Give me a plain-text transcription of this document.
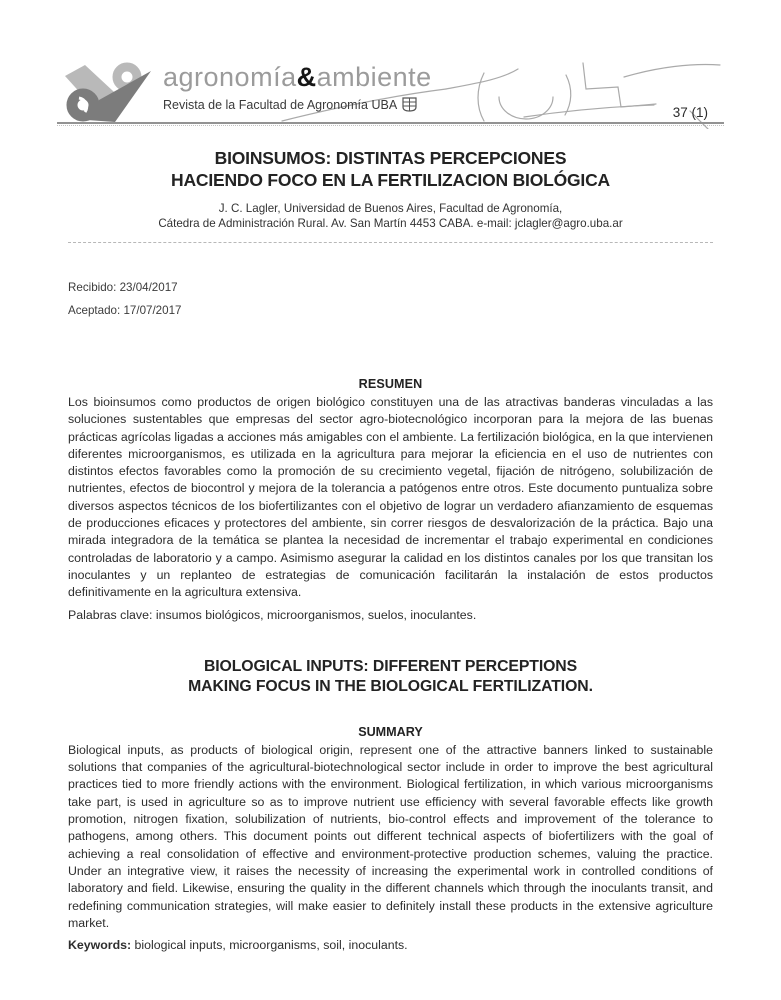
agronomía&ambiente
Revista de la Facultad de Agronomía UBA
37 (1)
BIOINSUMOS: DISTINTAS PERCEPCIONES
HACIENDO FOCO EN LA FERTILIZACION BIOLÓGICA
J. C. Lagler, Universidad de Buenos Aires, Facultad de Agronomía,
Cátedra de Administración Rural. Av. San Martín 4453 CABA. e-mail: jclagler@agro.uba.ar
Recibido: 23/04/2017
Aceptado: 17/07/2017
RESUMEN

Los bioinsumos como productos de origen biológico constituyen una de las atractivas banderas vinculadas a las soluciones sustentables que empresas del sector agro-biotecnológico incorporan para la mejora de las buenas prácticas agrícolas ligadas a acciones más amigables con el ambiente. La fertilización biológica, en la que intervienen diferentes microorganismos, es utilizada en la agricultura para mejorar la eficiencia en el uso de nutrientes con distintos efectos favorables como la promoción de su crecimiento vegetal, fijación de nitrógeno, solubilización de nutrientes, efectos de biocontrol y mejora de la tolerancia a patógenos entre otros. Este documento puntualiza sobre diversos aspectos técnicos de los biofertilizantes con el objetivo de lograr un verdadero afianzamiento de esquemas de producciones eficaces y protectores del ambiente, sin correr riesgos de desvalorización de la práctica. Bajo una mirada integradora de la temática se plantea la necesidad de incrementar el trabajo experimental en condiciones controladas de laboratorio y a campo. Asimismo asegurar la calidad en los distintos canales por los que transitan los inoculantes y un replanteo de estrategias de comunicación facilitarán la instalación de estos productos definitivamente en la agricultura extensiva.

Palabras clave: insumos biológicos, microorganismos, suelos, inoculantes.
BIOLOGICAL INPUTS: DIFFERENT PERCEPTIONS
MAKING FOCUS IN THE BIOLOGICAL FERTILIZATION.
SUMMARY

Biological inputs, as products of biological origin, represent one of the attractive banners linked to sustainable solutions that companies of the agricultural-biotechnological sector include in order to improve the best agricultural practices tied to more friendly actions with the environment. Biological fertilization, in which various microorganisms take part, is used in agriculture so as to improve nutrient use efficiency with several favorable effects like growth promotion, nitrogen fixation, solubilization of nutrients, bio-control effects and improvement of the tolerance to pathogens, among others. This document points out different technical aspects of biofertilizers with the goal of achieving a real consolidation of effective and environment-protective production schemes, valuing the practice. Under an integrative view, it raises the necessity of increasing the experimental work in controlled conditions of laboratory and field. Likewise, ensuring the quality in the different channels which through the inoculants transit, and redefining communication strategies, will make easier to definitely install these products in the extensive agriculture market.

Keywords: biological inputs, microorganisms, soil, inoculants.
